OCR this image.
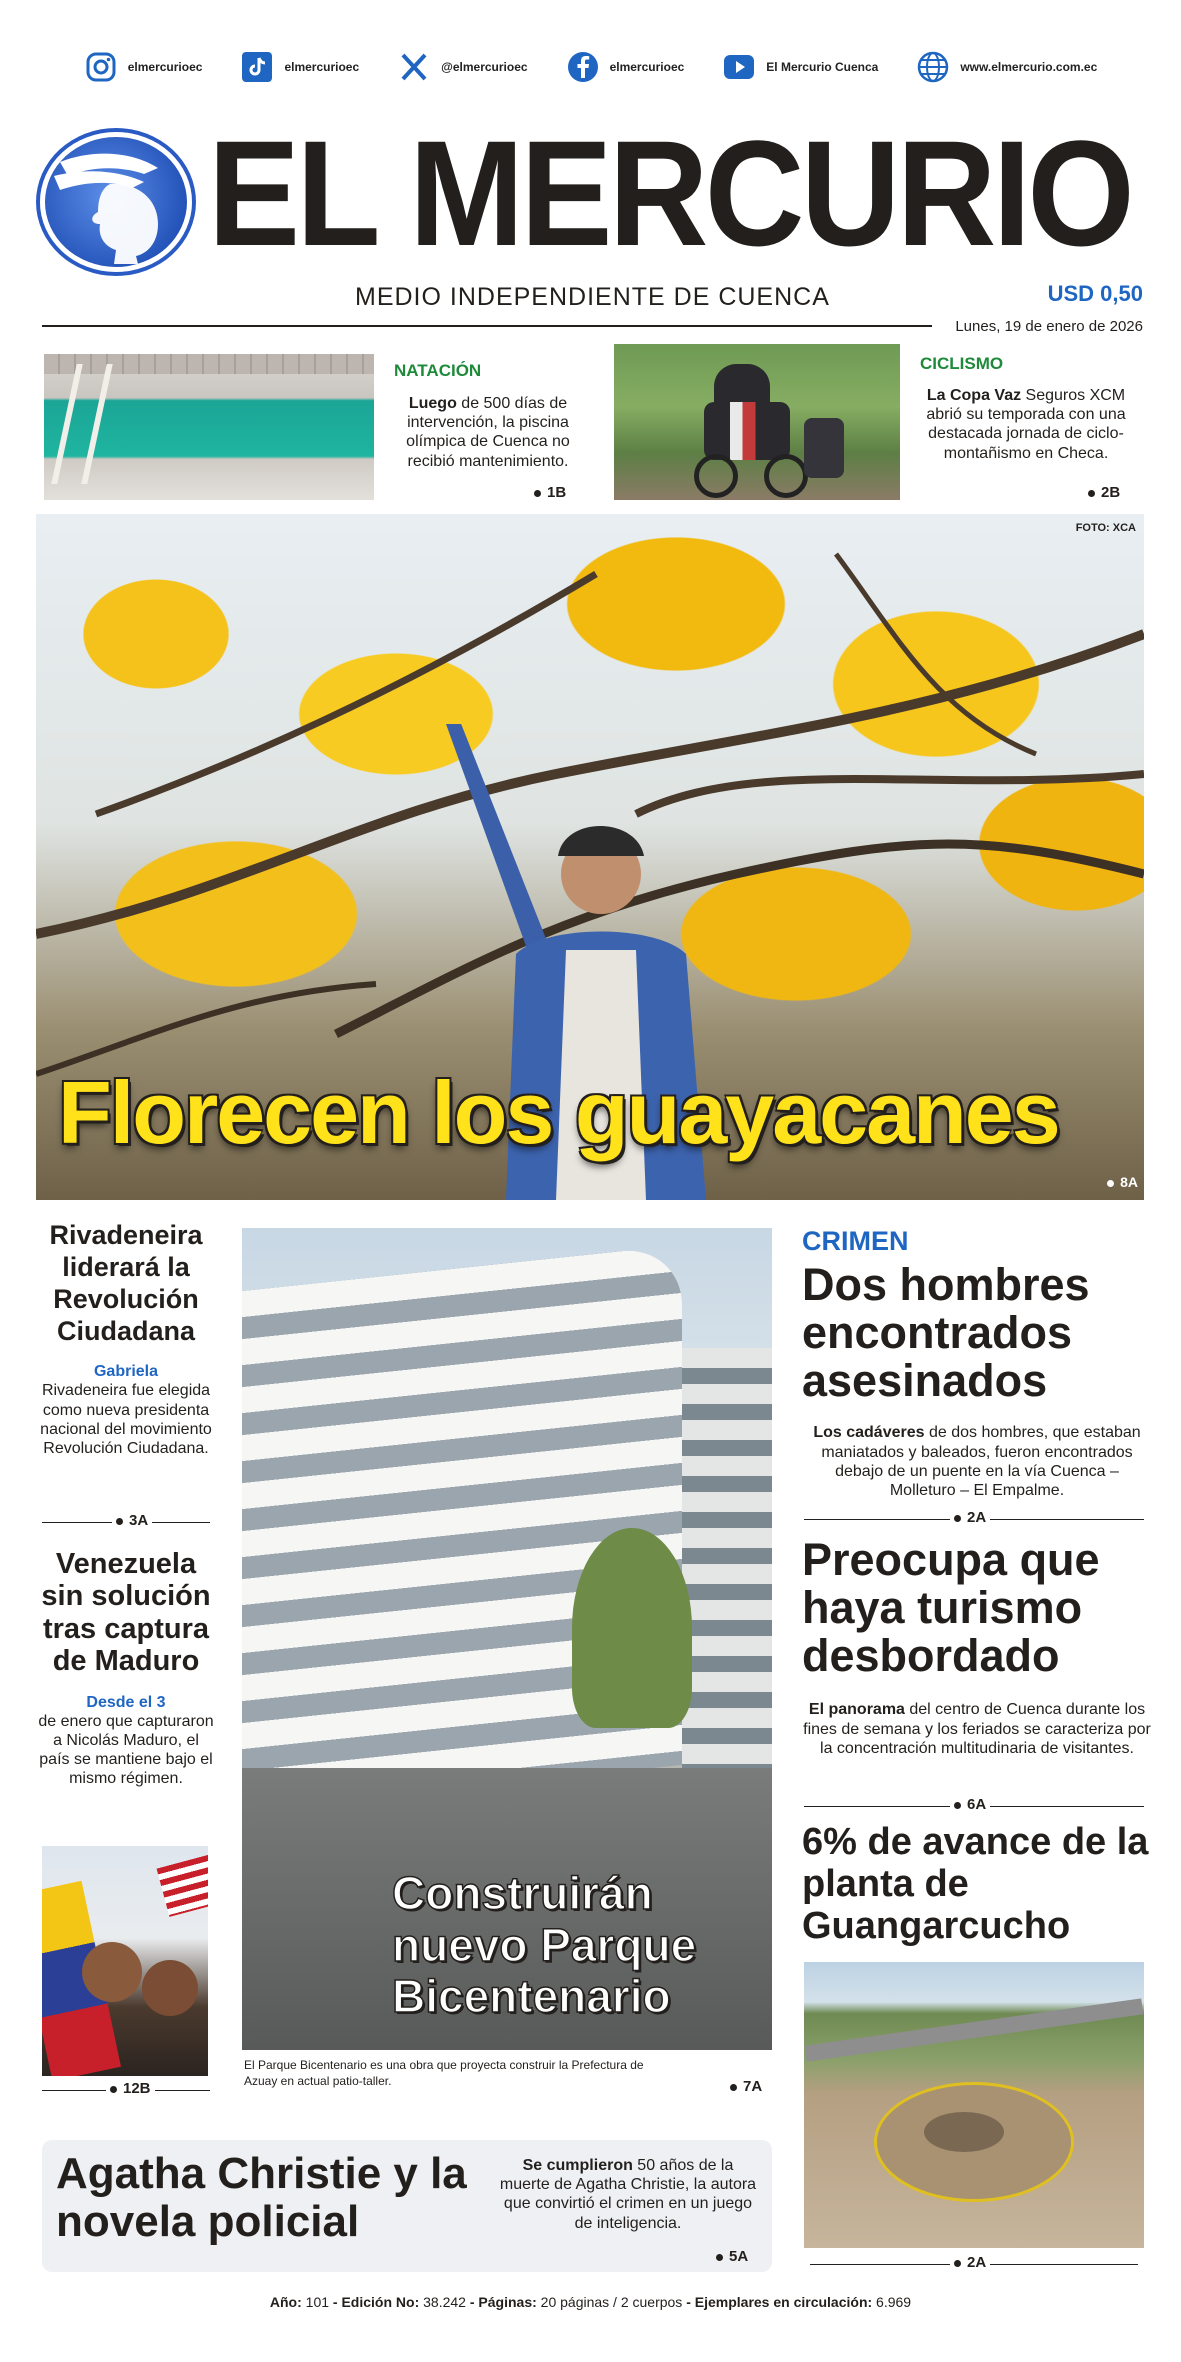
elmercurioec	elmercurioec	@elmercurioec	elmercurioec	El Mercurio Cuenca	www.elmercurio.com.ec
EL MERCURIO
MEDIO INDEPENDIENTE DE CUENCA	USD 0,50
Lunes, 19 de enero de 2026
NATACIÓN
Luego de 500 días de intervención, la piscina olímpica de Cuenca no recibió mantenimiento.
1B
CICLISMO
La Copa Vaz Seguros XCM abrió su temporada con una destacada jornada de ciclo-montañismo en Checa.
2B
FOTO: XCA
Florecen los guayacanes
8A
Rivadeneira liderará la Revolución Ciudadana
Gabriela
Rivadeneira fue elegida como nueva presidenta nacional del movimiento Revolución Ciudadana.
3A
Venezuela sin solución tras captura de Maduro
Desde el 3
de enero que capturaron a Nicolás Maduro, el país se mantiene bajo el mismo régimen.
12B
Construirán
nuevo Parque
Bicentenario
El Parque Bicentenario es una obra que proyecta construir la Prefectura de Azuay en actual patio-taller.	7A
CRIMEN
Dos hombres encontrados asesinados
Los cadáveres de dos hombres, que estaban maniatados y baleados, fueron encontrados debajo de un puente en la vía Cuenca – Molleturo – El Empalme.
2A
Preocupa que haya turismo desbordado
El panorama del centro de Cuenca durante los fines de semana y los feriados se caracteriza por la concentración multitudinaria de visitantes.
6A
6% de avance de la planta de Guangarcucho
2A
Agatha Christie y la novela policial
Se cumplieron 50 años de la muerte de Agatha Christie, la autora que convirtió el crimen en un juego de inteligencia.
5A
Año: 101 - Edición No: 38.242 - Páginas: 20 páginas / 2 cuerpos - Ejemplares en circulación: 6.969
